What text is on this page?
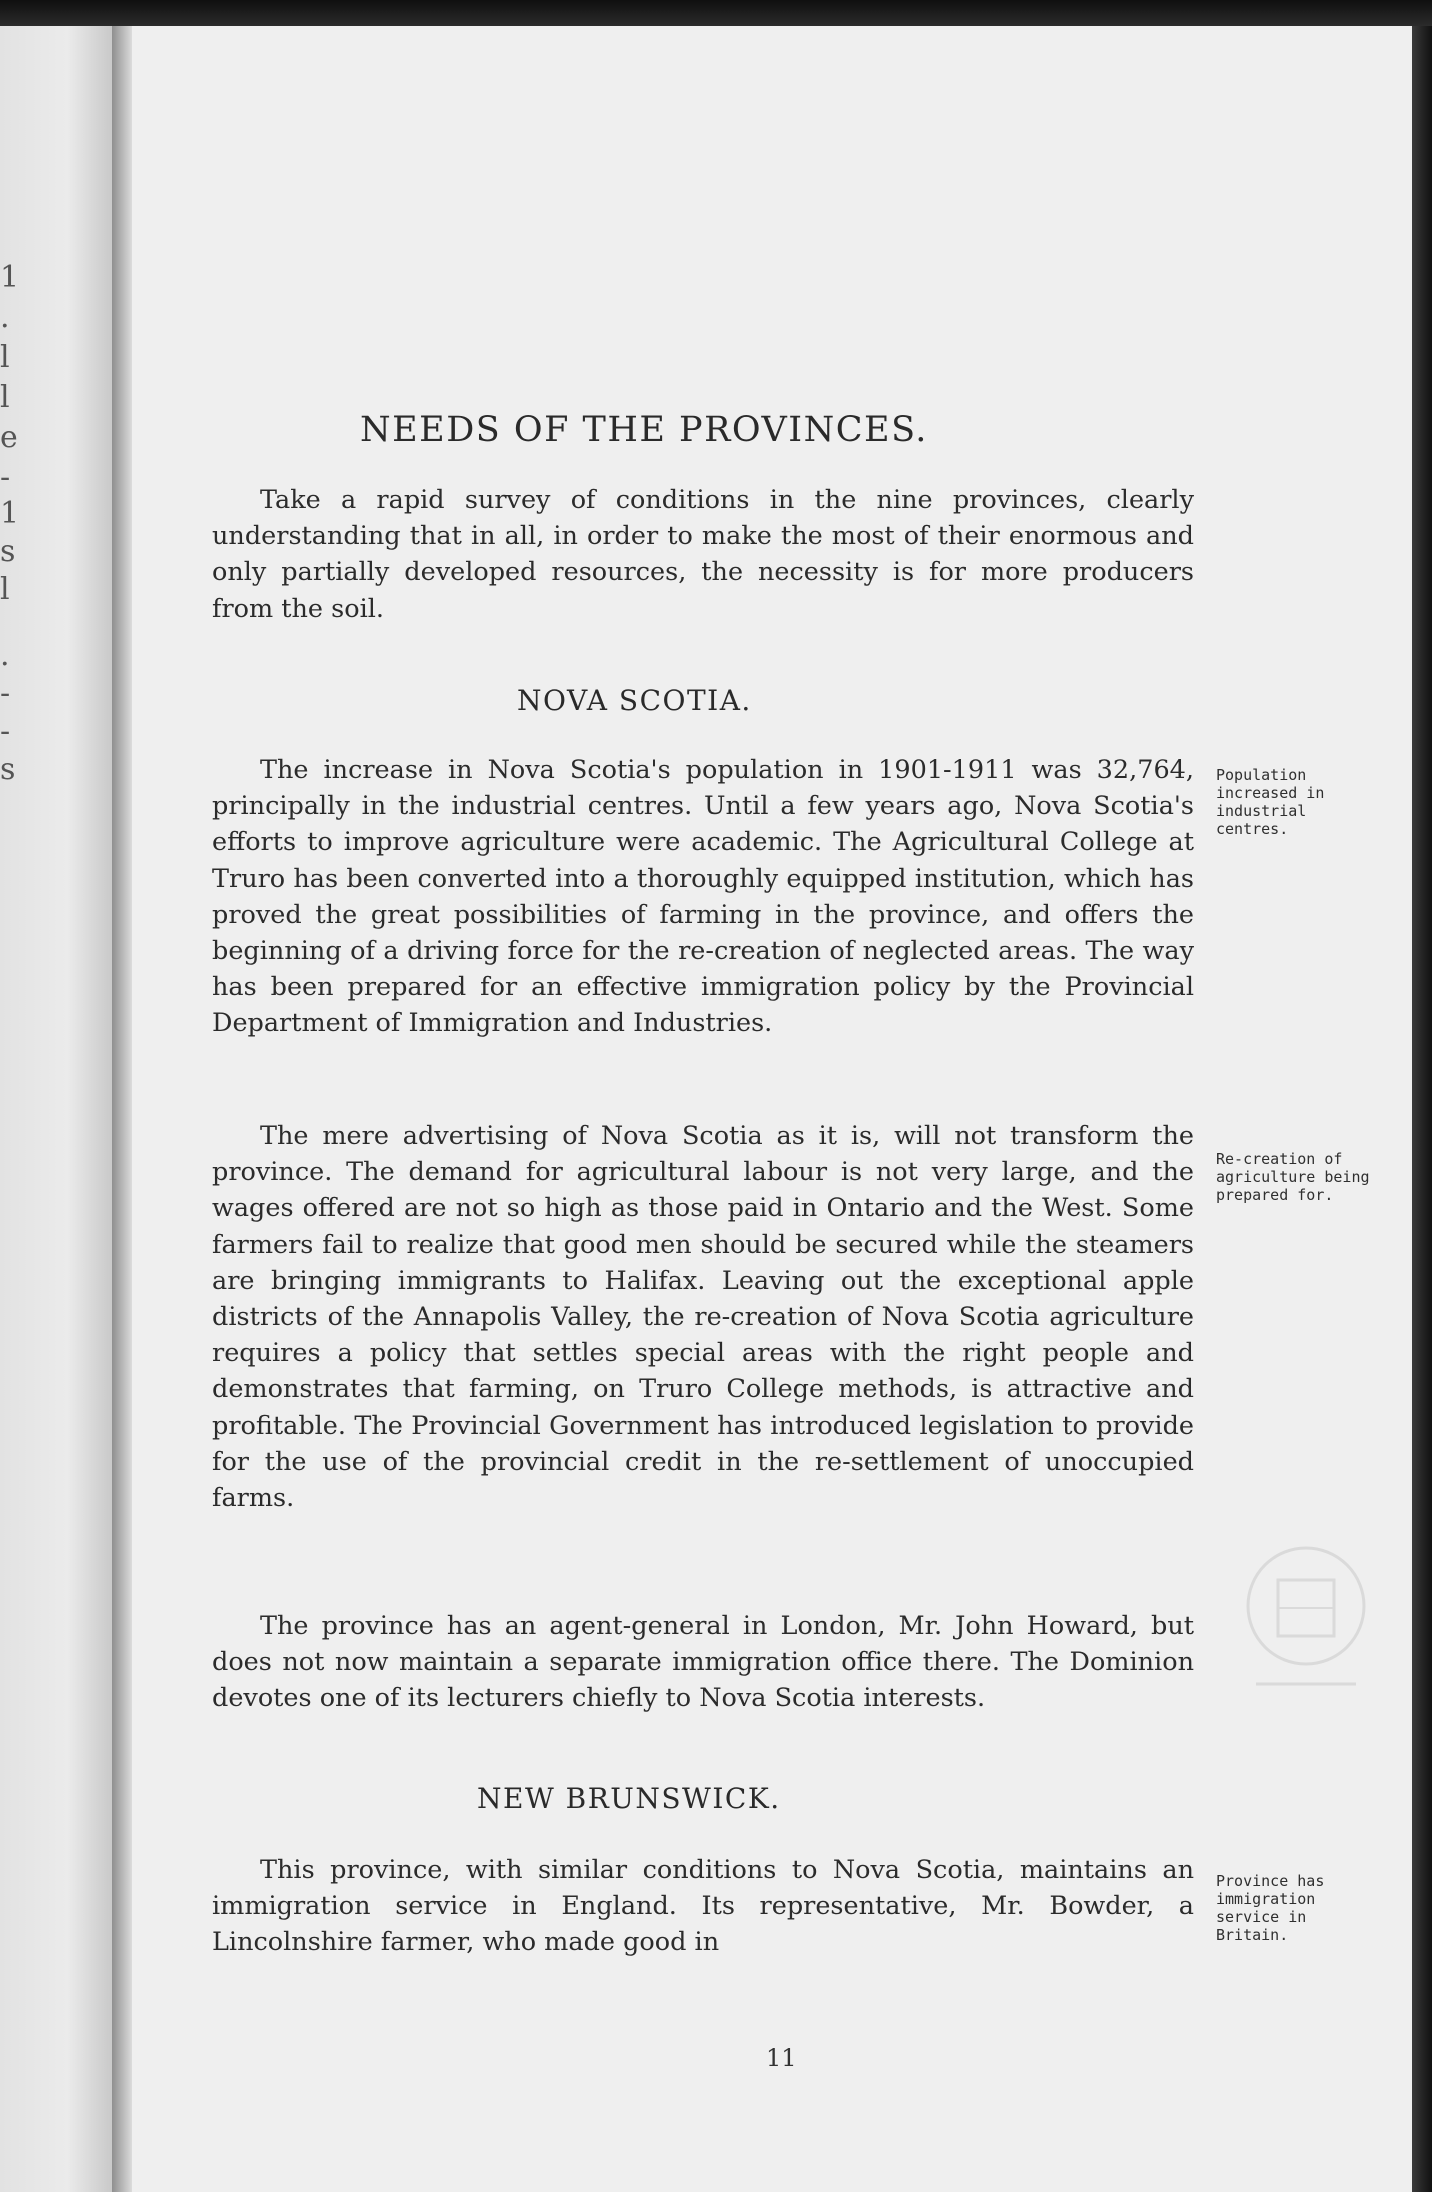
1
.
l
l
e
-
1
s
l
.
-
-
s
NEEDS OF THE PROVINCES.

Take a rapid survey of conditions in the nine provinces, clearly understanding that in all, in order to make the most of their enormous and only partially developed resources, the necessity is for more producers from the soil.

NOVA SCOTIA.

The increase in Nova Scotia's population in 1901-1911 was 32,764, principally in the industrial centres. Until a few years ago, Nova Scotia's efforts to improve agriculture were academic. The Agricultural College at Truro has been converted into a thoroughly equipped institution, which has proved the great possibilities of farming in the province, and offers the beginning of a driving force for the re-creation of neglected areas. The way has been prepared for an effective immigration policy by the Provincial Department of Immigration and Industries.

The mere advertising of Nova Scotia as it is, will not transform the province. The demand for agricultural labour is not very large, and the wages offered are not so high as those paid in Ontario and the West. Some farmers fail to realize that good men should be secured while the steamers are bringing immigrants to Halifax. Leaving out the exceptional apple districts of the Annapolis Valley, the re-creation of Nova Scotia agriculture requires a policy that settles special areas with the right people and demonstrates that farming, on Truro College methods, is attractive and profitable. The Provincial Government has introduced legislation to provide for the use of the provincial credit in the re-settlement of unoccupied farms.

The province has an agent-general in London, Mr. John Howard, but does not now maintain a separate immigration office there. The Dominion devotes one of its lecturers chiefly to Nova Scotia interests.

NEW BRUNSWICK.

This province, with similar conditions to Nova Scotia, maintains an immigration service in England. Its representative, Mr. Bowder, a Lincolnshire farmer, who made good in

Population increased in industrial centres.

Re-creation of agriculture being prepared for.

Province has immigration service in Britain.

11
